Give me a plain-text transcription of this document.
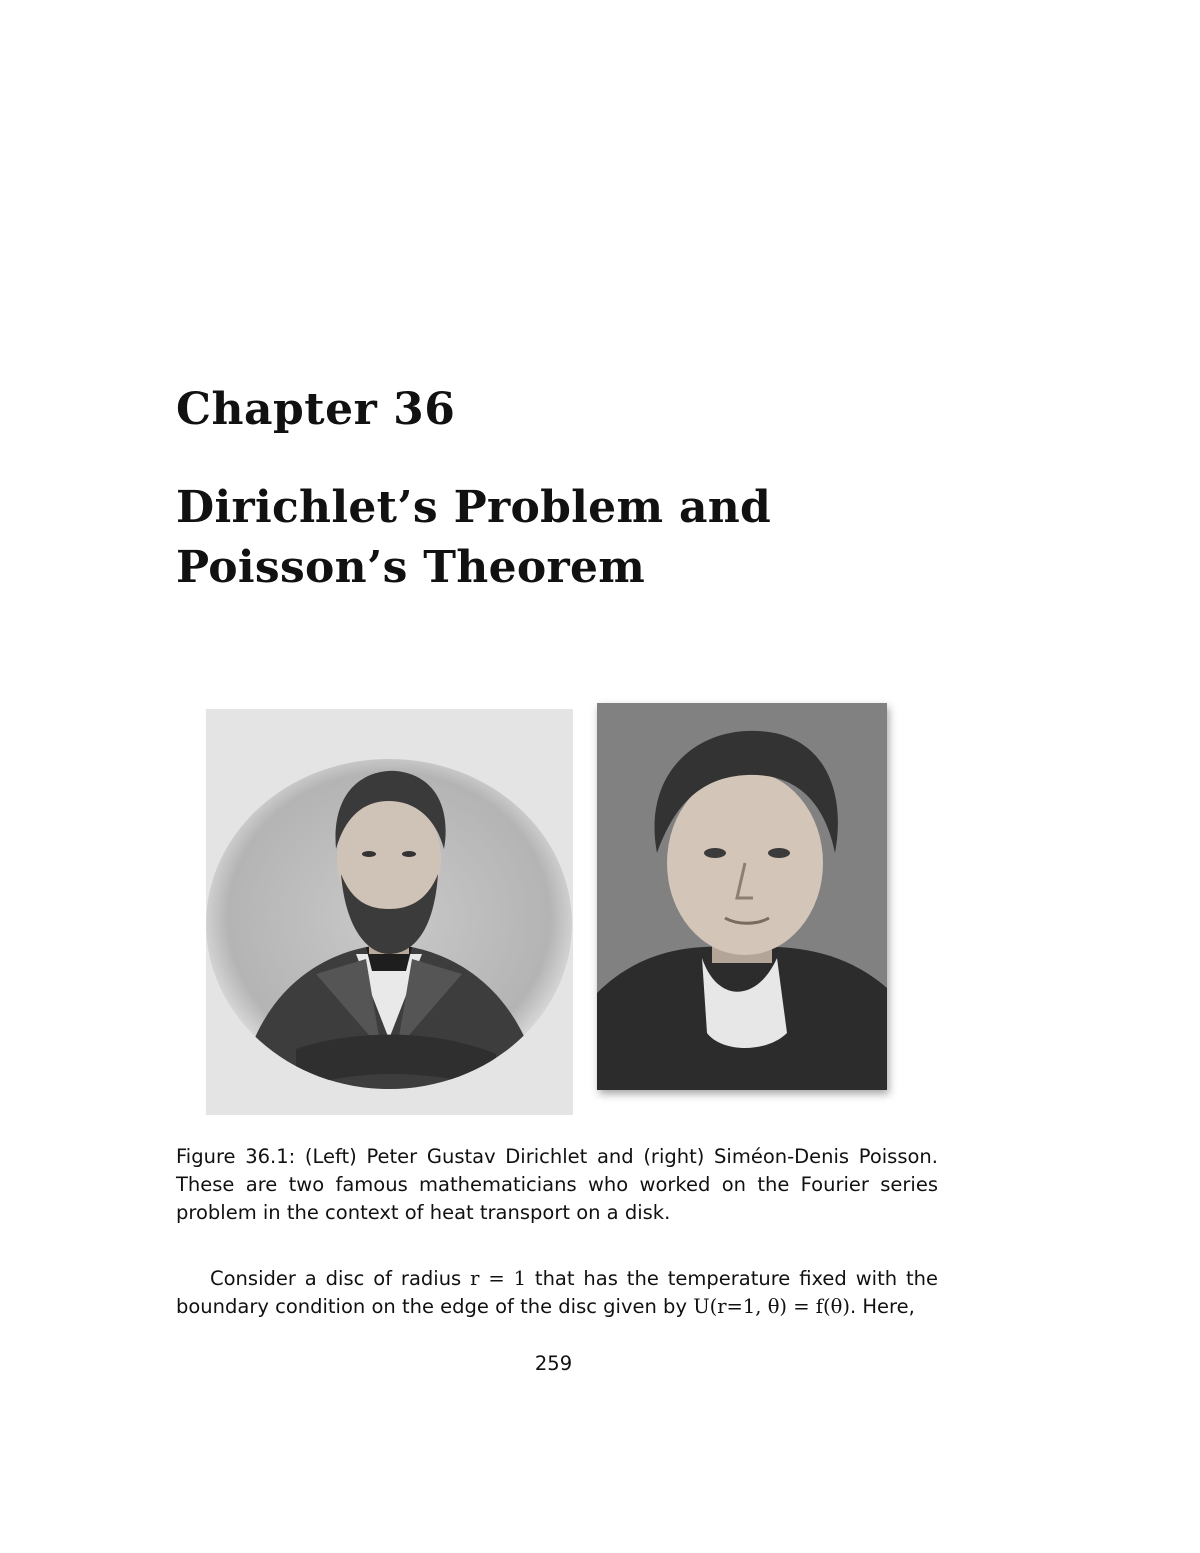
Chapter 36
Dirichlet’s Problem and
Poisson’s Theorem

Figure 36.1: (Left) Peter Gustav Dirichlet and (right) Siméon-Denis Poisson. These are two famous mathematicians who worked on the Fourier series problem in the context of heat transport on a disk.

Consider a disc of radius r = 1 that has the temperature fixed with the boundary condition on the edge of the disc given by U(r=1, θ) = f(θ). Here,

259
